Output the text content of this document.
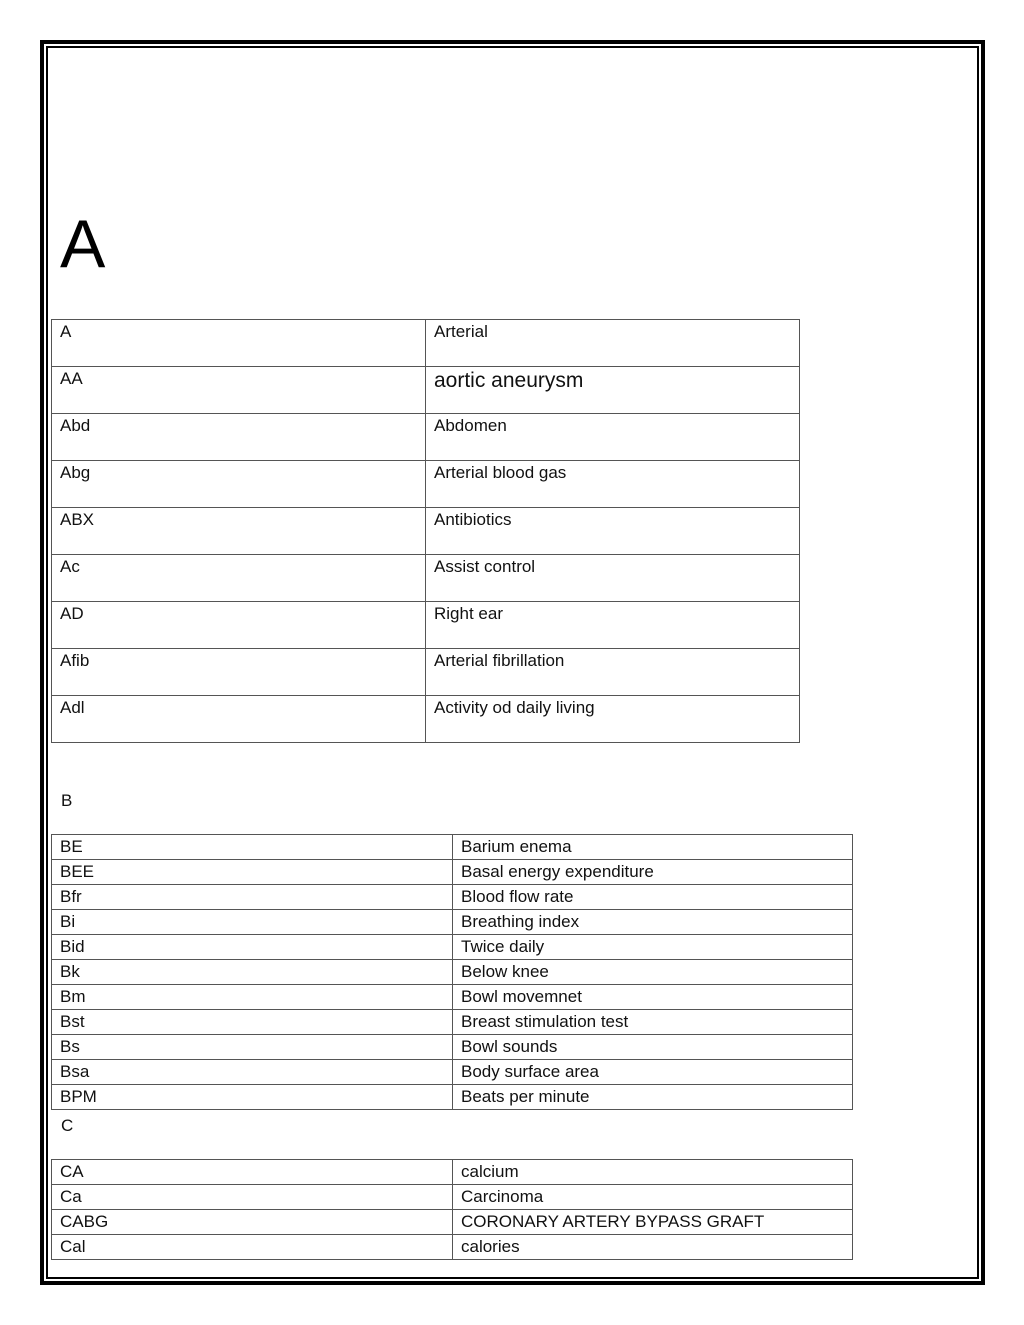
A
A	Arterial
AA	aortic aneurysm
Abd	Abdomen
Abg	Arterial blood gas
ABX	Antibiotics
Ac	Assist control
AD	Right ear
Afib	Arterial fibrillation
Adl	Activity od daily living
B
BE	Barium enema
BEE	Basal energy expenditure
Bfr	Blood flow rate
Bi	Breathing index
Bid	Twice daily
Bk	Below knee
Bm	Bowl movemnet
Bst	Breast stimulation test
Bs	Bowl sounds
Bsa	Body surface area
BPM	Beats per minute
C
CA	calcium
Ca	Carcinoma
CABG	CORONARY ARTERY BYPASS GRAFT
Cal	calories
